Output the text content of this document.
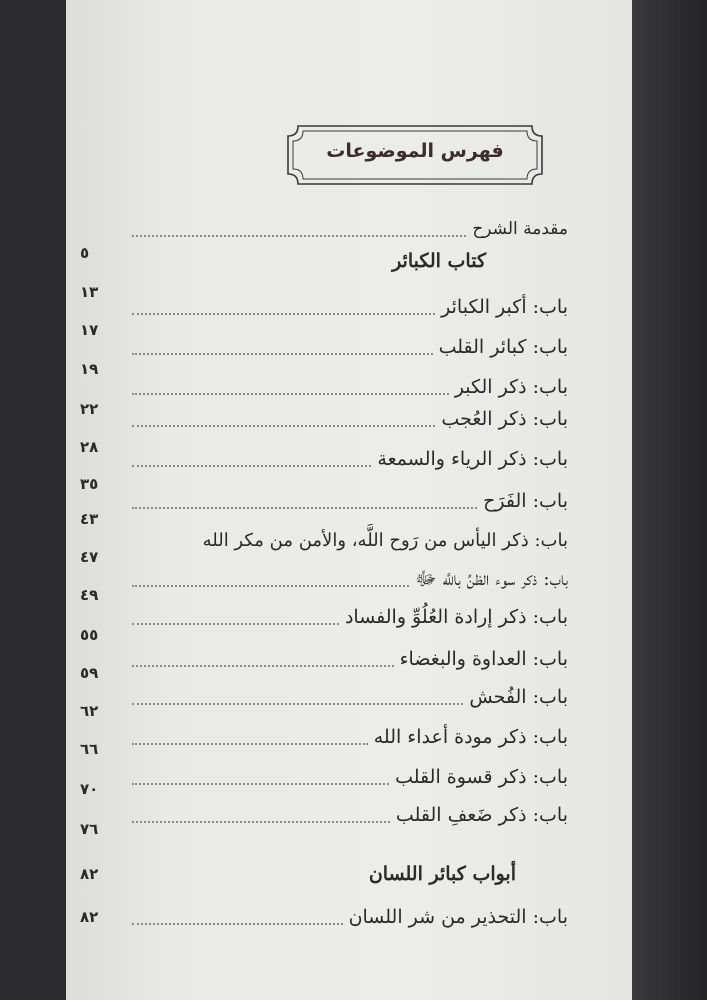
فهرس الموضوعات
مقدمة الشرح
٥	كتاب الكبائر
١٣
باب: أكبر الكبائر
١٧
باب: كبائر القلب
١٩
باب: ذكر الكبر
٢٢	باب: ذكر العُجب
٢٨
باب: ذكر الرياء والسمعة
٣٥
باب: الفَرَح
٤٣
باب: ذكر اليأس من رَوح اللَّه، والأمن من مكر الله
٤٧
باب: ذكر سوء الظنِّ باللَّه ﷻ
٤٩
باب: ذكر إرادة العُلُوِّ والفساد
٥٥
باب: العداوة والبغضاء
٥٩
باب: الفُحش
٦٢
باب: ذكر مودة أعداء الله
٦٦
باب: ذكر قسوة القلب
٧٠
باب: ذكر ضَعفِ القلب
٧٦
أبواب كبائر اللسان
٨٢
باب: التحذير من شر اللسان
٨٢
